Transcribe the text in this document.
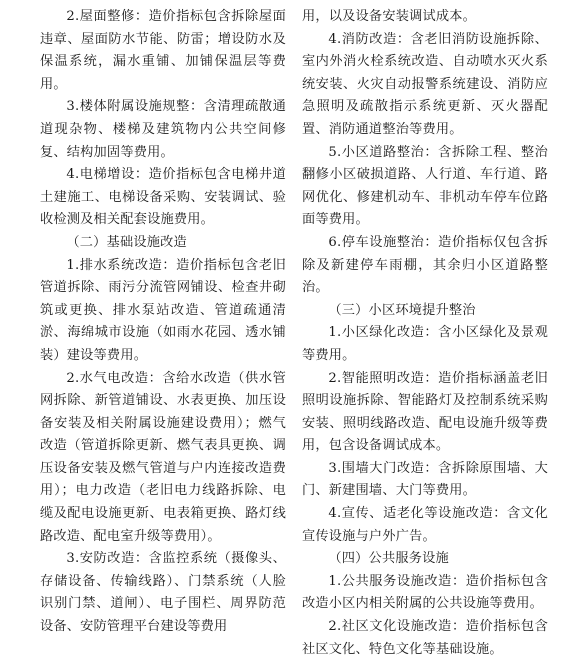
2.屋面整修：造价指标包含拆除屋面违章、屋面防水节能、防雷；增设防水及保温系统，漏水重铺、加铺保温层等费用。

3.楼体附属设施规整：含清理疏散通道现杂物、楼梯及建筑物内公共空间修复、结构加固等费用。

4.电梯增设：造价指标包含电梯井道土建施工、电梯设备采购、安装调试、验收检测及相关配套设施费用。

（二）基础设施改造

1.排水系统改造：造价指标包含老旧管道拆除、雨污分流管网铺设、检查井砌筑或更换、排水泵站改造、管道疏通清淤、海绵城市设施（如雨水花园、透水铺装）建设等费用。

2.水气电改造：含给水改造（供水管网拆除、新管道铺设、水表更换、加压设备安装及相关附属设施建设费用）；燃气改造（管道拆除更新、燃气表具更换、调压设备安装及燃气管道与户内连接改造费用）；电力改造（老旧电力线路拆除、电缆及配电设施更新、电表箱更换、路灯线路改造、配电室升级等费用）。

3.安防改造：含监控系统（摄像头、存储设备、传输线路）、门禁系统（人脸识别门禁、道闸）、电子围栏、周界防范设备、安防管理平台建设等费用

用，以及设备安装调试成本。

4.消防改造：含老旧消防设施拆除、室内外消火栓系统改造、自动喷水灭火系统安装、火灾自动报警系统建设、消防应急照明及疏散指示系统更新、灭火器配置、消防通道整治等费用。

5.小区道路整治：含拆除工程、整治翻修小区破损道路、人行道、车行道、路网优化、修建机动车、非机动车停车位路面等费用。

6.停车设施整治：造价指标仅包含拆除及新建停车雨棚，其余归小区道路整治。

（三）小区环境提升整治

1.小区绿化改造：含小区绿化及景观等费用。

2.智能照明改造：造价指标涵盖老旧照明设施拆除、智能路灯及控制系统采购安装、照明线路改造、配电设施升级等费用，包含设备调试成本。

3.围墙大门改造：含拆除原围墙、大门、新建围墙、大门等费用。

4.宣传、适老化等设施改造：含文化宣传设施与户外广告。

（四）公共服务设施

1.公共服务设施改造：造价指标包含改造小区内相关附属的公共设施等费用。

2.社区文化设施改造：造价指标包含社区文化、特色文化等基础设施。
